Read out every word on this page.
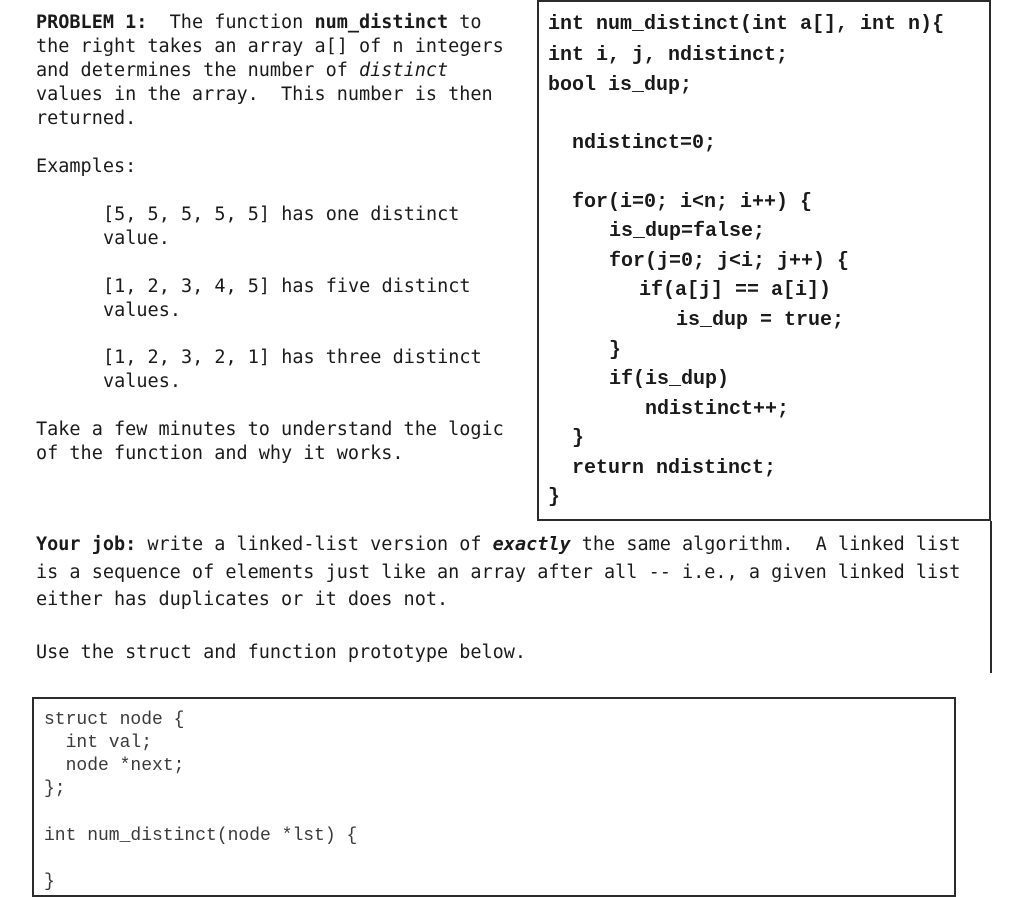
PROBLEM 1:  The function num_distinct to
the right takes an array a[] of n integers
and determines the number of distinct
values in the array.  This number is then
returned.
Examples:
[5, 5, 5, 5, 5] has one distinct
value.
[1, 2, 3, 4, 5] has five distinct
values.
[1, 2, 3, 2, 1] has three distinct
values.
Take a few minutes to understand the logic
of the function and why it works.
int num_distinct(int a[], int n){
int i, j, ndistinct;
bool is_dup;
ndistinct=0;
for(i=0; i<n; i++) {
is_dup=false;
for(j=0; j<i; j++) {
if(a[j] == a[i])
is_dup = true;
}
if(is_dup)
ndistinct++;
}
return ndistinct;
}
Your job: write a linked-list version of exactly the same algorithm.  A linked list
is a sequence of elements just like an array after all -- i.e., a given linked list
either has duplicates or it does not.
Use the struct and function prototype below.
struct node {
int val;
node *next;
};
int num_distinct(node *lst) {
}
